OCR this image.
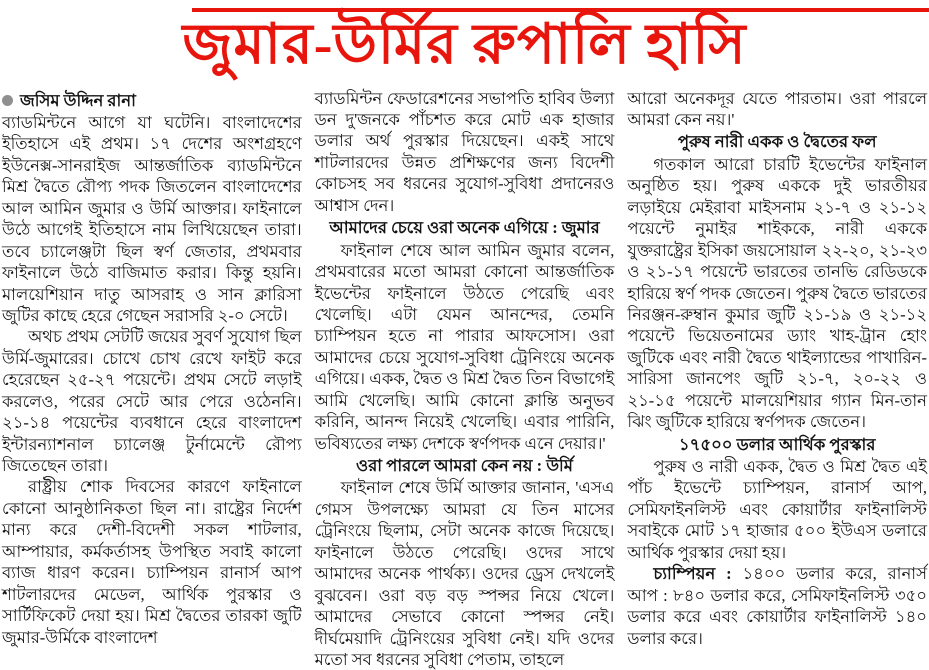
জুমার-উর্মির রুপালি হাসি
জসিম উদ্দিন রানা

ব্যাডমিন্টনে আগে যা ঘটেনি। বাংলাদেশের ইতিহাসে এই প্রথম। ১৭ দেশের অংশগ্রহণে ইউনেক্স-সানরাইজ আন্তর্জাতিক ব্যাডমিন্টনে মিশ্র দ্বৈতে রৌপ্য পদক জিতলেন বাংলাদেশের আল আমিন জুমার ও উর্মি আক্তার। ফাইনালে উঠে আগেই ইতিহাসে নাম লিখিয়েছেন তারা। তবে চ্যালেঞ্জটা ছিল স্বর্ণ জেতার, প্রথমবার ফাইনালে উঠে বাজিমাত করার। কিন্তু হয়নি। মালয়েশিয়ান দাতু আসরাহ ও সান ক্লারিসা জুটির কাছে হেরে গেছেন সরাসরি ২-০ সেটে।

অথচ প্রথম সেটটি জয়ের সুবর্ণ সুযোগ ছিল উর্মি-জুমারের। চোখে চোখ রেখে ফাইট করে হেরেছেন ২৫-২৭ পয়েন্টে। প্রথম সেটে লড়াই করলেও, পরের সেটে আর পেরে ওঠেননি। ২১-১৪ পয়েন্টের ব্যবধানে হেরে বাংলাদেশ ইন্টারন্যাশনাল চ্যালেঞ্জ টুর্নামেন্টে রৌপ্য জিতেছেন তারা।

রাষ্ট্রীয় শোক দিবসের কারণে ফাইনালে কোনো আনুষ্ঠানিকতা ছিল না। রাষ্ট্রের নির্দেশ মান্য করে দেশী-বিদেশী সকল শাটলার, আম্পায়ার, কর্মকর্তাসহ উপস্থিত সবাই কালো ব্যাজ ধারণ করেন। চ্যাম্পিয়ন রানার্স আপ শাটলারদের মেডেল, আর্থিক পুরস্কার ও সার্টিফিকেট দেয়া হয়। মিশ্র দ্বৈতের তারকা জুটি জুমার-উর্মিকে বাংলাদেশ

ব্যাডমিন্টন ফেডারেশনের সভাপতি হাবিব উল্যা ডন দু'জনকে পাঁচশত করে মোট এক হাজার ডলার অর্থ পুরস্কার দিয়েছেন। একই সাথে শাটলারদের উন্নত প্রশিক্ষণের জন্য বিদেশী কোচসহ সব ধরনের সুযোগ-সুবিধা প্রদানেরও আশ্বাস দেন।

আমাদের চেয়ে ওরা অনেক এগিয়ে : জুমার

ফাইনাল শেষে আল আমিন জুমার বলেন, প্রথমবারের মতো আমরা কোনো আন্তর্জাতিক ইভেন্টের ফাইনালে উঠতে পেরেছি এবং খেলেছি। এটা যেমন আনন্দের, তেমনি চ্যাম্পিয়ন হতে না পারার আফসোস। ওরা আমাদের চেয়ে সুযোগ-সুবিধা ট্রেনিংয়ে অনেক এগিয়ে। একক, দ্বৈত ও মিশ্র দ্বৈত তিন বিভাগেই আমি খেলেছি। আমি কোনো ক্লান্তি অনুভব করিনি, আনন্দ নিয়েই খেলেছি। এবার পারিনি, ভবিষ্যতের লক্ষ্য দেশকে স্বর্ণপদক এনে দেয়ার।'

ওরা পারলে আমরা কেন নয় : উর্মি

ফাইনাল শেষে উর্মি আক্তার জানান, 'এসএ গেমস উপলক্ষ্যে আমরা যে তিন মাসের ট্রেনিংয়ে ছিলাম, সেটা অনেক কাজে দিয়েছে। ফাইনালে উঠতে পেরেছি। ওদের সাথে আমাদের অনেক পার্থক্য। ওদের ড্রেস দেখলেই বুঝবেন। ওরা বড় বড় স্পন্সর নিয়ে খেলে। আমাদের সেভাবে কোনো স্পন্সর নেই। দীর্ঘমেয়াদি ট্রেনিংয়ের সুবিধা নেই। যদি ওদের মতো সব ধরনের সুবিধা পেতাম, তাহলে

আরো অনেকদূর যেতে পারতাম। ওরা পারলে আমরা কেন নয়।'

পুরুষ নারী একক ও দ্বৈতের ফল

গতকাল আরো চারটি ইভেন্টের ফাইনাল অনুষ্ঠিত হয়। পুরুষ এককে দুই ভারতীয়র লড়াইয়ে মেইরাবা মাইসনাম ২১-৭ ও ২১-১২ পয়েন্টে নুমাইর শাইককে, নারী এককে যুক্তরাষ্ট্রের ইসিকা জয়সোয়াল ২২-২০, ২১-২৩ ও ২১-১৭ পয়েন্টে ভারতের তানভি রেডিডকে হারিয়ে স্বর্ণ পদক জেতেন। পুরুষ দ্বৈতে ভারতের নিরঞ্জন-রুম্বান কুমার জুটি ২১-১৯ ও ২১-১২ পয়েন্টে ভিয়েতনামের ড্যাং খাহ-ট্রান হোং জুটিকে এবং নারী দ্বৈতে থাইল্যান্ডের পাখারিন-সারিসা জানপেং জুটি ২১-৭, ২০-২২ ও ২১-১৫ পয়েন্টে মালয়েশিয়ার গ্যান মিন-তান ঝিং জুটিকে হারিয়ে স্বর্ণপদক জেতেন।

১৭৫০০ ডলার আর্থিক পুরস্কার

পুরুষ ও নারী একক, দ্বৈত ও মিশ্র দ্বৈত এই পাঁচ ইভেন্টে চ্যাম্পিয়ন, রানার্স আপ, সেমিফাইনলিস্ট এবং কোয়ার্টার ফাইনালিস্ট সবাইকে মোট ১৭ হাজার ৫০০ ইউএস ডলারে আর্থিক পুরস্কার দেয়া হয়।

চ্যাম্পিয়ন : ১৪০০ ডলার করে, রানার্স আপ : ৮৪০ ডলার করে, সেমিফাইনলিস্ট ৩৫০ ডলার করে এবং কোয়ার্টার ফাইনালিস্ট ১৪০ ডলার করে।
